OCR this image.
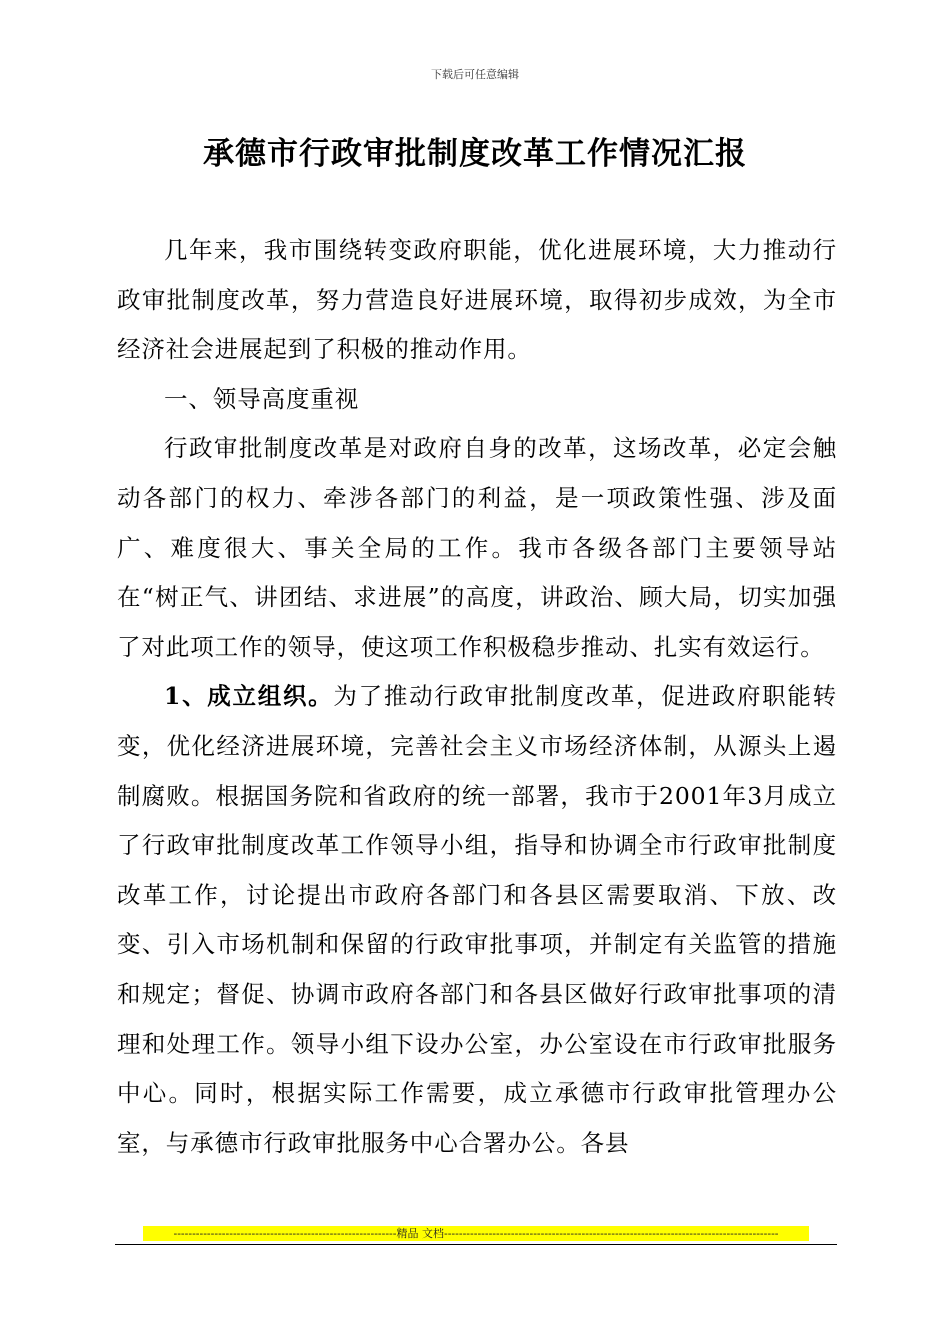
下载后可任意编辑
承德市行政审批制度改革工作情况汇报

几年来，我市围绕转变政府职能，优化进展环境，大力推动行政审批制度改革，努力营造良好进展环境，取得初步成效，为全市经济社会进展起到了积极的推动作用。

一、领导高度重视

行政审批制度改革是对政府自身的改革，这场改革，必定会触动各部门的权力、牵涉各部门的利益，是一项政策性强、涉及面广、难度很大、事关全局的工作。我市各级各部门主要领导站在“树正气、讲团结、求进展”的高度，讲政治、顾大局，切实加强了对此项工作的领导，使这项工作积极稳步推动、扎实有效运行。

1、成立组织。为了推动行政审批制度改革，促进政府职能转变，优化经济进展环境，完善社会主义市场经济体制，从源头上遏制腐败。根据国务院和省政府的统一部署，我市于2001年3月成立了行政审批制度改革工作领导小组，指导和协调全市行政审批制度改革工作，讨论提出市政府各部门和各县区需要取消、下放、改变、引入市场机制和保留的行政审批事项，并制定有关监管的措施和规定；督促、协调市政府各部门和各县区做好行政审批事项的清理和处理工作。领导小组下设办公室，办公室设在市行政审批服务中心。同时，根据实际工作需要，成立承德市行政审批管理办公室，与承德市行政审批服务中心合署办公。各县

------------------------------------------------------------精品 文档------------------------------------------------------------------------------------------
